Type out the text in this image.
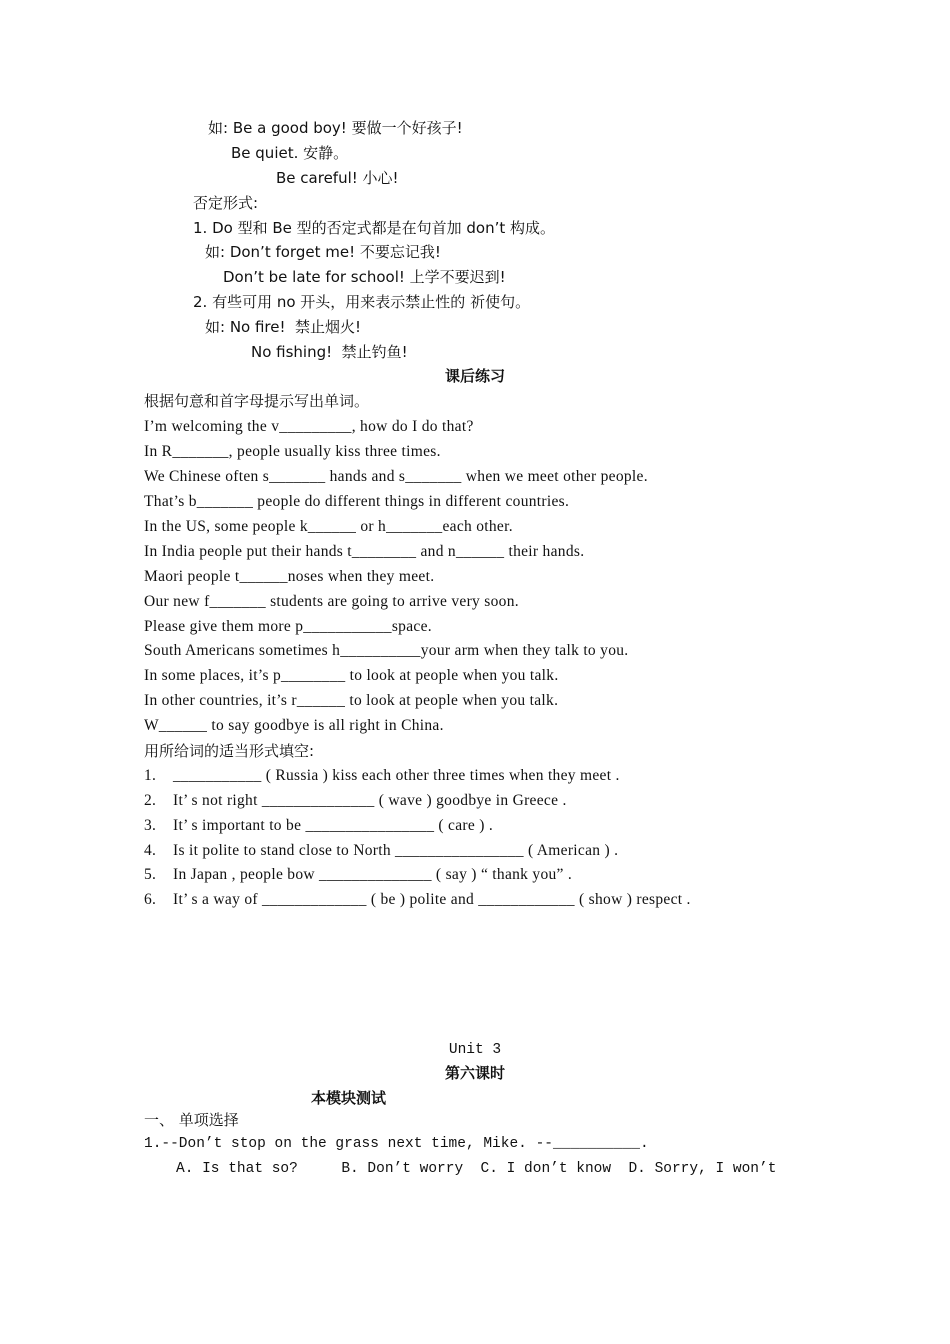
如: Be a good boy! 要做一个好孩子!
Be quiet. 安静。
Be careful! 小心!
否定形式:
1. Do 型和 Be 型的否定式都是在句首加 don’t 构成。
如: Don’t forget me! 不要忘记我!
Don’t be late for school! 上学不要迟到!
2. 有些可用 no 开头，用来表示禁止性的 祈使句。
如: No fire!  禁止烟火!
No fishing!  禁止钓鱼!
课后练习
根据句意和首字母提示写出单词。
I’m welcoming the v_________, how do I do that?
In R_______, people usually kiss three times.
We Chinese often s_______ hands and s_______ when we meet other people.
That’s b_______ people do different things in different countries.
In the US, some people k______ or h_______each other.
In India people put their hands t________ and n______ their hands.
Maori people t______noses when they meet.
Our new f_______ students are going to arrive very soon.
Please give them more p___________space.
South Americans sometimes h__________your arm when they talk to you.
In some places, it’s p________ to look at people when you talk.
In other countries, it’s r______ to look at people when you talk.
W______ to say goodbye is all right in China.
用所给词的适当形式填空:
1. ___________ ( Russia ) kiss each other three times when they meet .
2. It’ s not right ______________ ( wave ) goodbye in Greece .
3. It’ s important to be ________________ ( care ) .
4. Is it polite to stand close to North ________________ ( American ) .
5. In Japan , people bow ______________ ( say ) “ thank you” .
6. It’ s a way of _____________ ( be ) polite and ____________ ( show ) respect .
Unit 3
第六课时
本模块测试
一、 单项选择
1.--Don’t stop on the grass next time, Mike. --__________.
A. Is that so?     B. Don’t worry  C. I don’t know  D. Sorry, I won’t
